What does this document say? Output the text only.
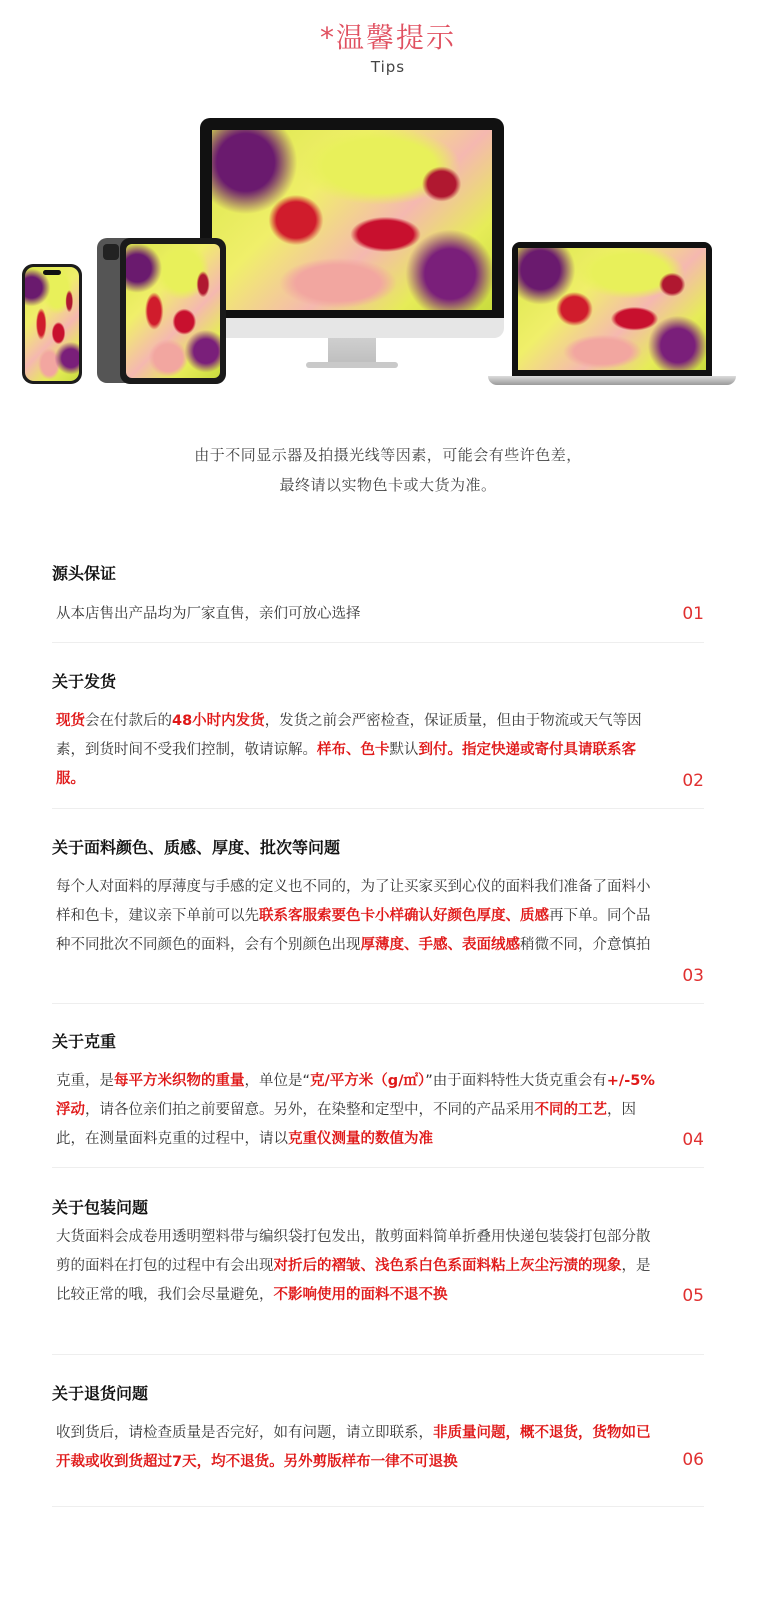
*温馨提示
Tips
由于不同显示器及拍摄光线等因素，可能会有些许色差，
最终请以实物色卡或大货为准。
源头保证
从本店售出产品均为厂家直售，亲们可放心选择	01
关于发货
现货会在付款后的48小时内发货，发货之前会严密检查，保证质量，但由于物流或天气等因素，到货时间不受我们控制，敬请谅解。样布、色卡默认到付。指定快递或寄付具请联系客服。	02
关于面料颜色、质感、厚度、批次等问题
每个人对面料的厚薄度与手感的定义也不同的，为了让买家买到心仪的面料我们准备了面料小样和色卡，建议亲下单前可以先联系客服索要色卡小样确认好颜色厚度、质感再下单。同个品种不同批次不同颜色的面料，会有个别颜色出现厚薄度、手感、表面绒感稍微不同，介意慎拍
03
关于克重
克重，是每平方米织物的重量，单位是“克/平方米（g/㎡）”由于面料特性大货克重会有+/-5%浮动，请各位亲们拍之前要留意。另外，在染整和定型中，不同的产品采用不同的工艺，因此，在测量面料克重的过程中，请以克重仪测量的数值为准	04
关于包装问题
大货面料会成卷用透明塑料带与编织袋打包发出，散剪面料简单折叠用快递包装袋打包部分散剪的面料在打包的过程中有会出现对折后的褶皱、浅色系白色系面料粘上灰尘污渍的现象，是比较正常的哦，我们会尽量避免，不影响使用的面料不退不换	05
关于退货问题
收到货后，请检查质量是否完好，如有问题，请立即联系，非质量问题，概不退货，货物如已开裁或收到货超过7天，均不退货。另外剪版样布一律不可退换	06
